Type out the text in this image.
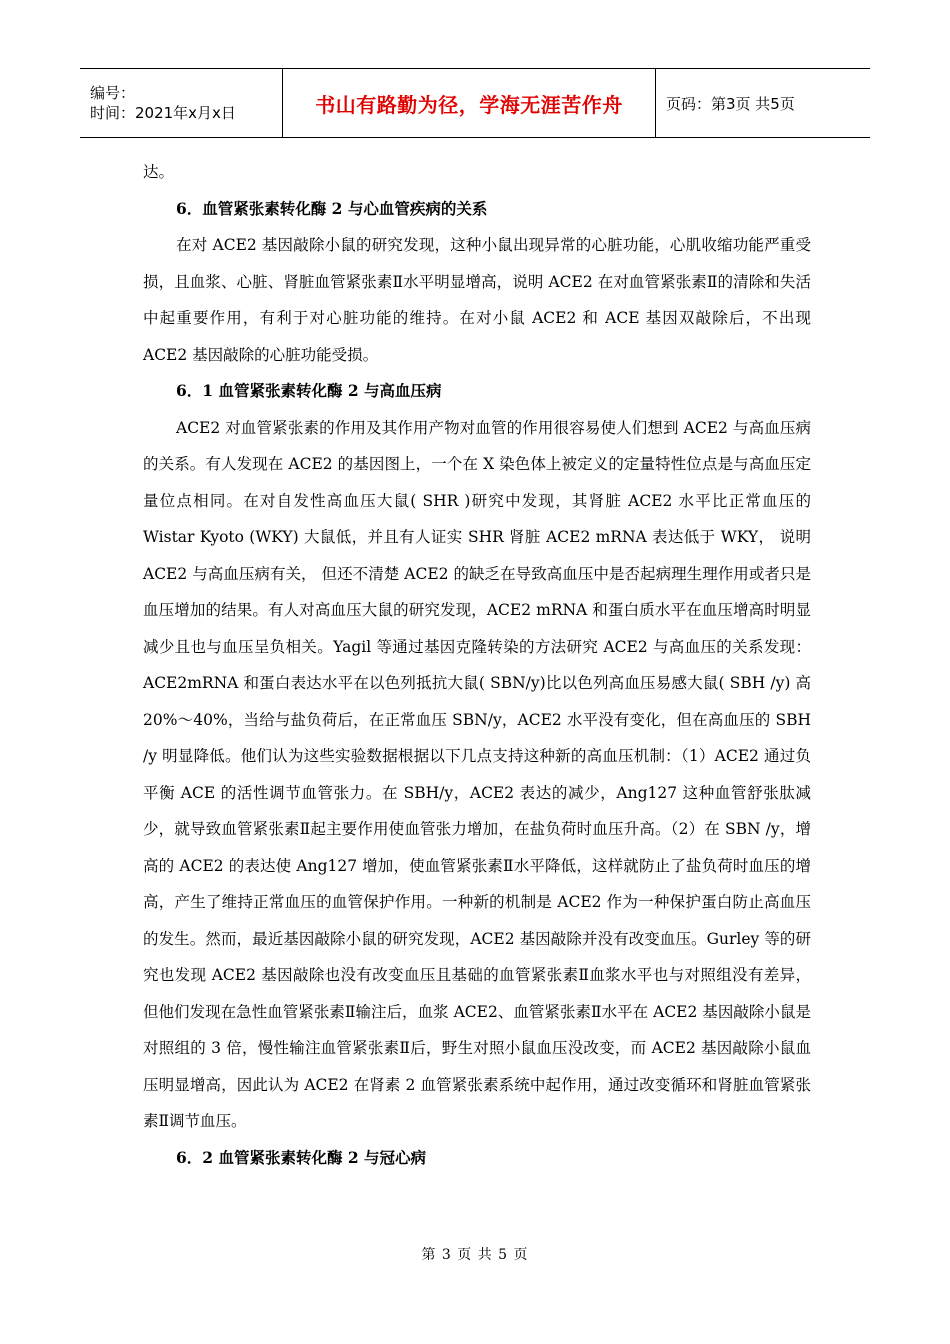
编号：
时间：2021年x月x日	书山有路勤为径，学海无涯苦作舟	页码：第3页 共5页

达。

6．血管紧张素转化酶 2 与心血管疾病的关系

在对 ACE2 基因敲除小鼠的研究发现，这种小鼠出现异常的心脏功能，心肌收缩功能严重受损，且血浆、心脏、肾脏血管紧张素Ⅱ水平明显增高，说明 ACE2 在对血管紧张素Ⅱ的清除和失活中起重要作用，有利于对心脏功能的维持。在对小鼠 ACE2 和 ACE 基因双敲除后，不出现 ACE2 基因敲除的心脏功能受损。

6．1 血管紧张素转化酶 2 与高血压病

ACE2 对血管紧张素的作用及其作用产物对血管的作用很容易使人们想到 ACE2 与高血压病的关系。有人发现在 ACE2 的基因图上，一个在 X 染色体上被定义的定量特性位点是与高血压定量位点相同。在对自发性高血压大鼠( SHR )研究中发现，其肾脏 ACE2 水平比正常血压的 Wistar Kyoto (WKY) 大鼠低，并且有人证实 SHR 肾脏 ACE2 mRNA 表达低于 WKY， 说明 ACE2 与高血压病有关， 但还不清楚 ACE2 的缺乏在导致高血压中是否起病理生理作用或者只是血压增加的结果。有人对高血压大鼠的研究发现，ACE2 mRNA 和蛋白质水平在血压增高时明显减少且也与血压呈负相关。Yagil 等通过基因克隆转染的方法研究 ACE2 与高血压的关系发现：ACE2mRNA 和蛋白表达水平在以色列抵抗大鼠( SBN/y)比以色列高血压易感大鼠( SBH /y) 高 20%～40%，当给与盐负荷后，在正常血压 SBN/y，ACE2 水平没有变化，但在高血压的 SBH /y 明显降低。他们认为这些实验数据根据以下几点支持这种新的高血压机制：（1）ACE2 通过负平衡 ACE 的活性调节血管张力。在 SBH/y，ACE2 表达的减少，Ang127 这种血管舒张肽减少，就导致血管紧张素Ⅱ起主要作用使血管张力增加，在盐负荷时血压升高。（2）在 SBN /y，增高的 ACE2 的表达使 Ang127 增加，使血管紧张素Ⅱ水平降低，这样就防止了盐负荷时血压的增高，产生了维持正常血压的血管保护作用。一种新的机制是 ACE2 作为一种保护蛋白防止高血压的发生。然而，最近基因敲除小鼠的研究发现，ACE2 基因敲除并没有改变血压。Gurley 等的研究也发现 ACE2 基因敲除也没有改变血压且基础的血管紧张素Ⅱ血浆水平也与对照组没有差异，但他们发现在急性血管紧张素Ⅱ输注后，血浆 ACE2、血管紧张素Ⅱ水平在 ACE2 基因敲除小鼠是对照组的 3 倍，慢性输注血管紧张素Ⅱ后，野生对照小鼠血压没改变，而 ACE2 基因敲除小鼠血压明显增高，因此认为 ACE2 在肾素 2 血管紧张素系统中起作用，通过改变循环和肾脏血管紧张素Ⅱ调节血压。

6．2 血管紧张素转化酶 2 与冠心病
第 3 页 共 5 页
